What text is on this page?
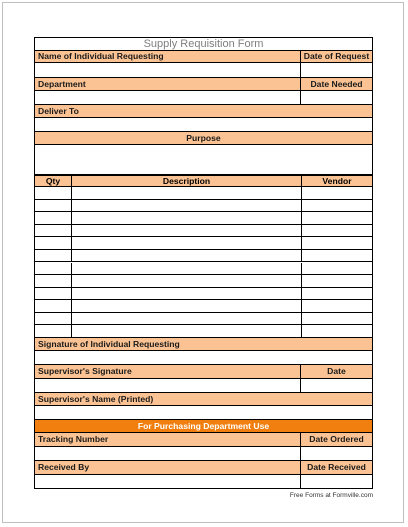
Supply Requisition Form
Name of Individual Requesting	Date of Request
Department	Date Needed
Deliver To
Purpose
Qty	Description	Vendor
Signature of Individual Requesting
Supervisor's Signature	Date
Supervisor's Name (Printed)
For Purchasing Department Use
Tracking Number	Date Ordered
Received By	Date Received
Free Forms at Formville.com
